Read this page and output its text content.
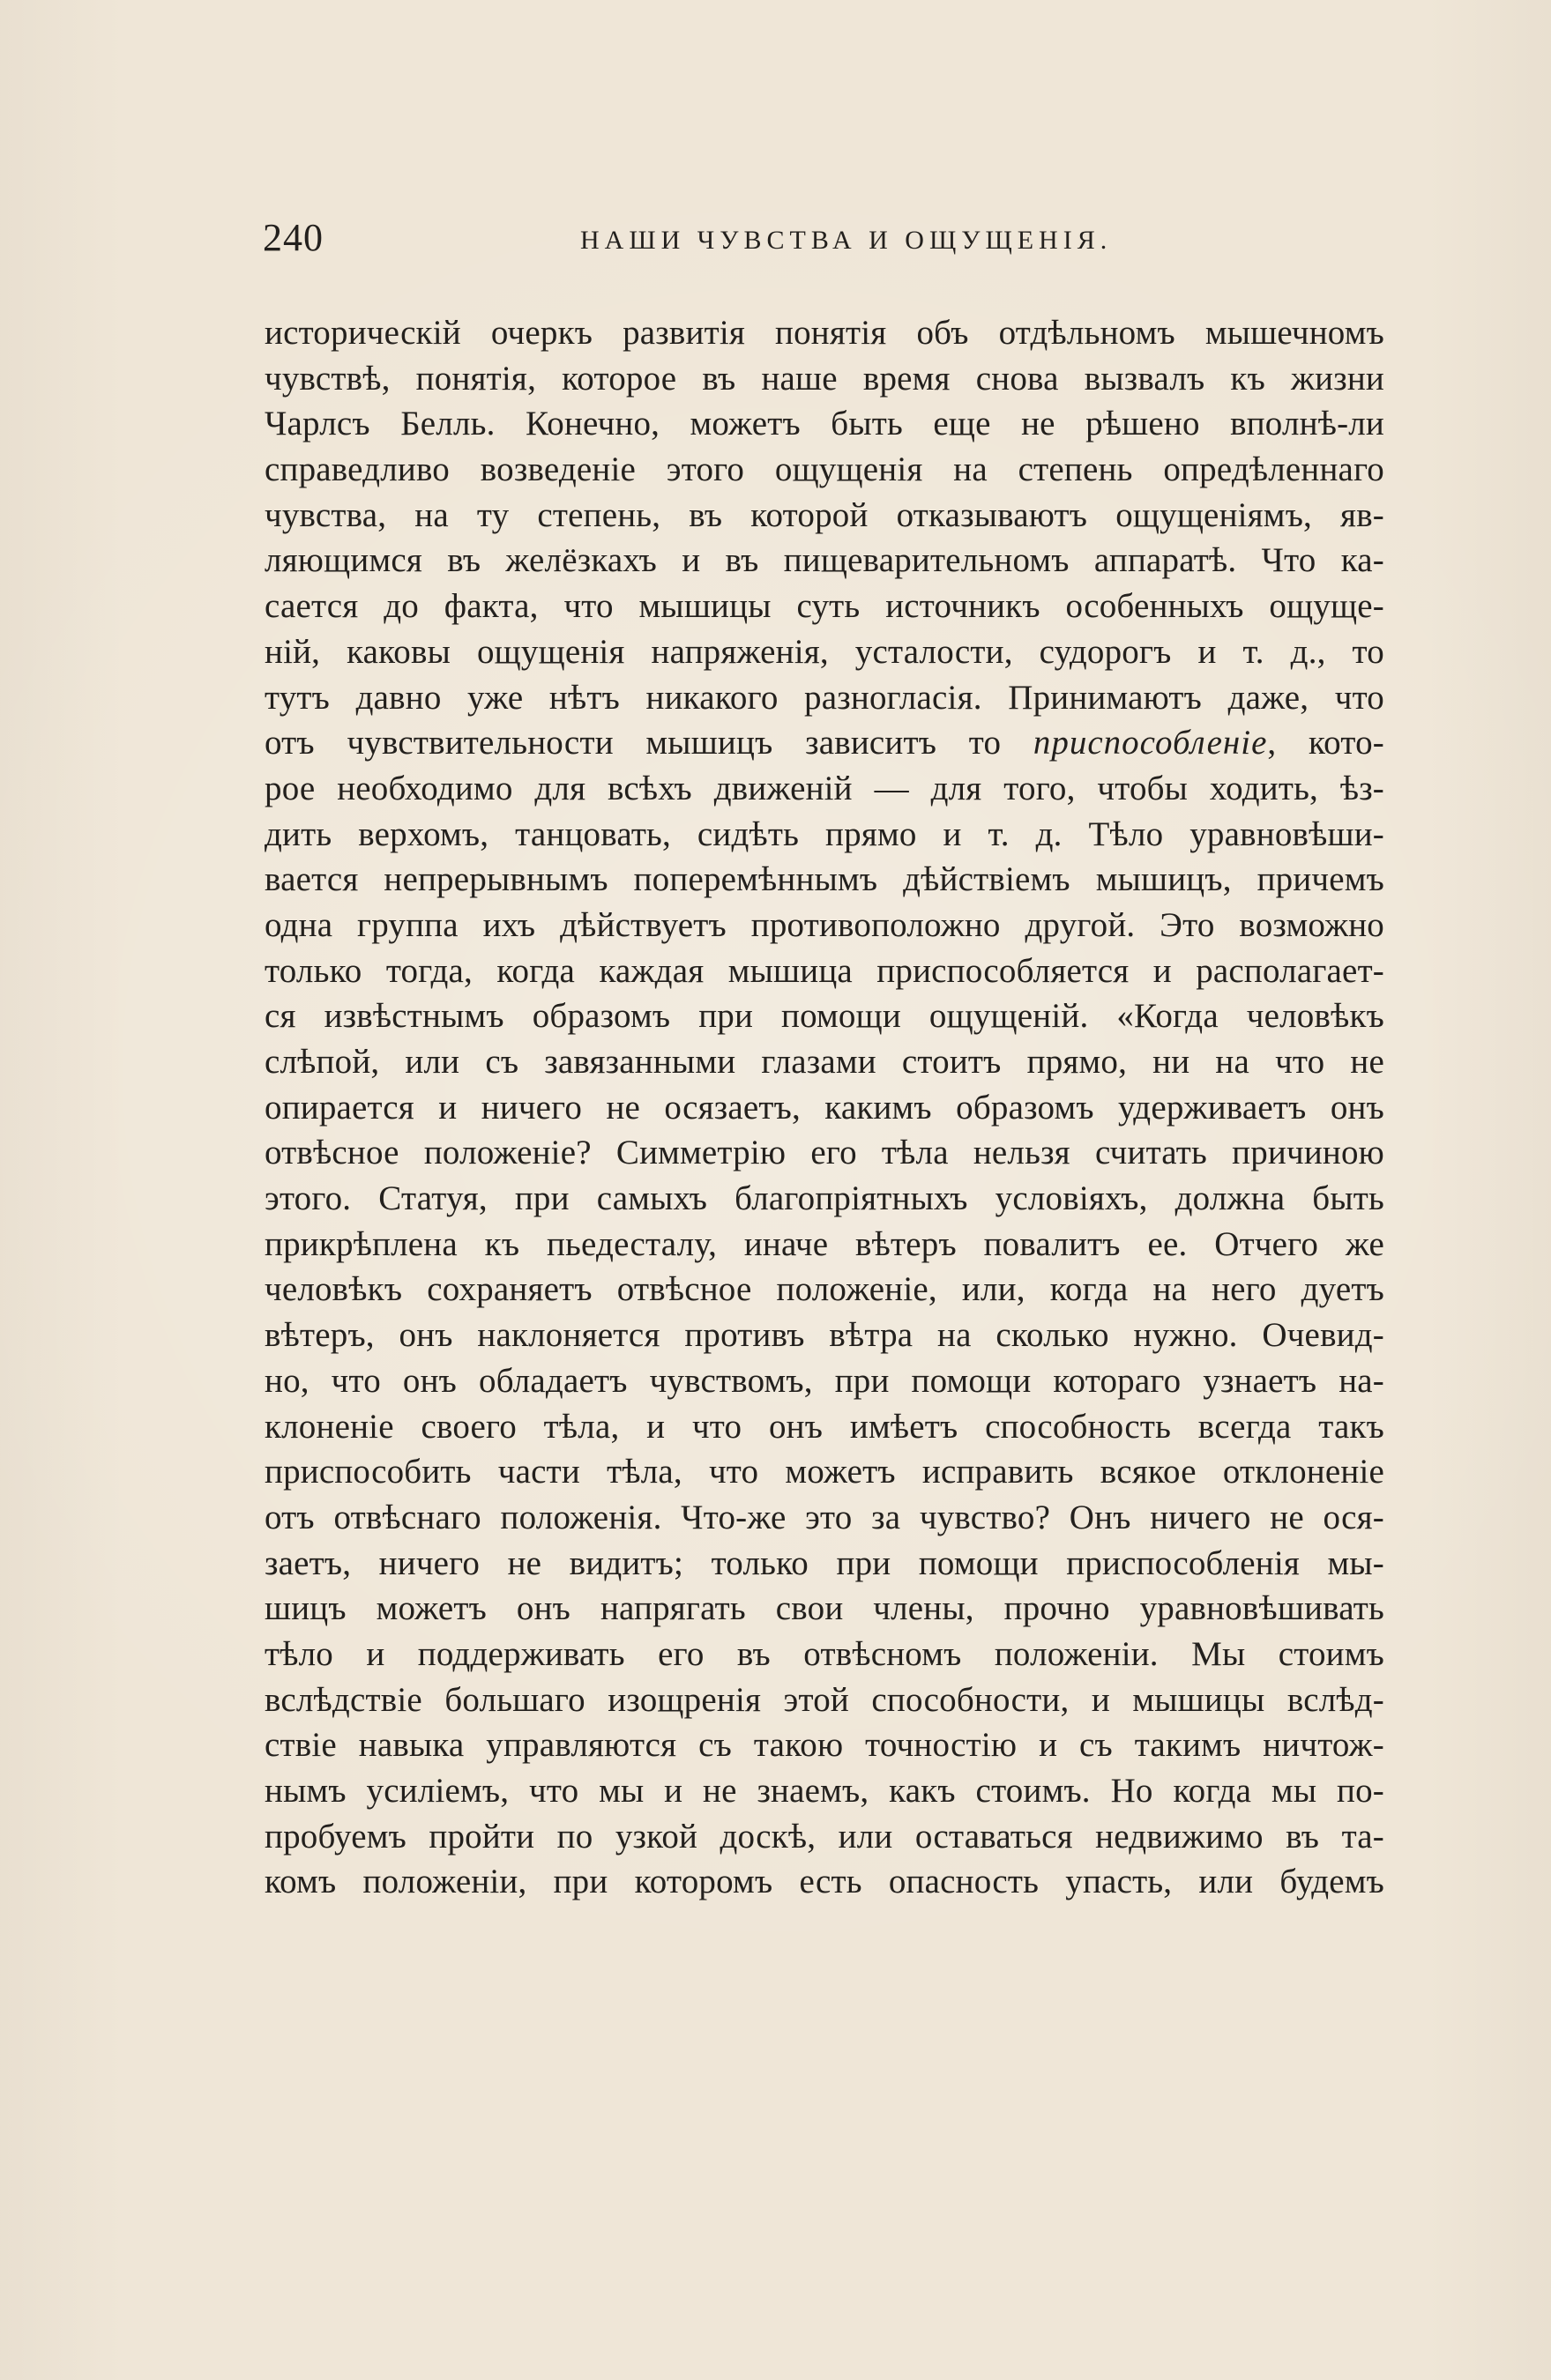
240	НАШИ ЧУВСТВА И ОЩУЩЕНІЯ.
историческій очеркъ развитія понятія объ отдѣльномъ мышечномъ
чувствѣ, понятія, которое въ наше время снова вызвалъ къ жизни
Чарлсъ Белль. Конечно, можетъ быть еще не рѣшено вполнѣ-ли
справедливо возведеніе этого ощущенія на степень опредѣленнаго
чувства, на ту степень, въ которой отказываютъ ощущеніямъ, яв-
ляющимся въ желёзкахъ и въ пищеварительномъ аппаратѣ. Что ка-
сается до факта, что мышицы суть источникъ особенныхъ ощуще-
ній, каковы ощущенія напряженія, усталости, судорогъ и т. д., то
тутъ давно уже нѣтъ никакого разногласія. Принимаютъ даже, что
отъ чувствительности мышицъ зависитъ то приспособленіе, кото-
рое необходимо для всѣхъ движеній — для того, чтобы ходить, ѣз-
дить верхомъ, танцовать, сидѣть прямо и т. д. Тѣло уравновѣши-
вается непрерывнымъ поперемѣннымъ дѣйствіемъ мышицъ, причемъ
одна группа ихъ дѣйствуетъ противоположно другой. Это возможно
только тогда, когда каждая мышица приспособляется и располагает-
ся извѣстнымъ образомъ при помощи ощущеній. «Когда человѣкъ
слѣпой, или съ завязанными глазами стоитъ прямо, ни на что не
опирается и ничего не осязаетъ, какимъ образомъ удерживаетъ онъ
отвѣсное положеніе? Симметрію его тѣла нельзя считать причиною
этого. Статуя, при самыхъ благопріятныхъ условіяхъ, должна быть
прикрѣплена къ пьедесталу, иначе вѣтеръ повалитъ ее. Отчего же
человѣкъ сохраняетъ отвѣсное положеніе, или, когда на него дуетъ
вѣтеръ, онъ наклоняется противъ вѣтра на сколько нужно. Очевид-
но, что онъ обладаетъ чувствомъ, при помощи котораго узнаетъ на-
клоненіе своего тѣла, и что онъ имѣетъ способность всегда такъ
приспособить части тѣла, что можетъ исправить всякое отклоненіе
отъ отвѣснаго положенія. Что-же это за чувство? Онъ ничего не ося-
заетъ, ничего не видитъ; только при помощи приспособленія мы-
шицъ можетъ онъ напрягать свои члены, прочно уравновѣшивать
тѣло и поддерживать его въ отвѣсномъ положеніи. Мы стоимъ
вслѣдствіе большаго изощренія этой способности, и мышицы вслѣд-
ствіе навыка управляются съ такою точностію и съ такимъ ничтож-
нымъ усиліемъ, что мы и не знаемъ, какъ стоимъ. Но когда мы по-
пробуемъ пройти по узкой доскѣ, или оставаться недвижимо въ та-
комъ положеніи, при которомъ есть опасность упасть, или будемъ
